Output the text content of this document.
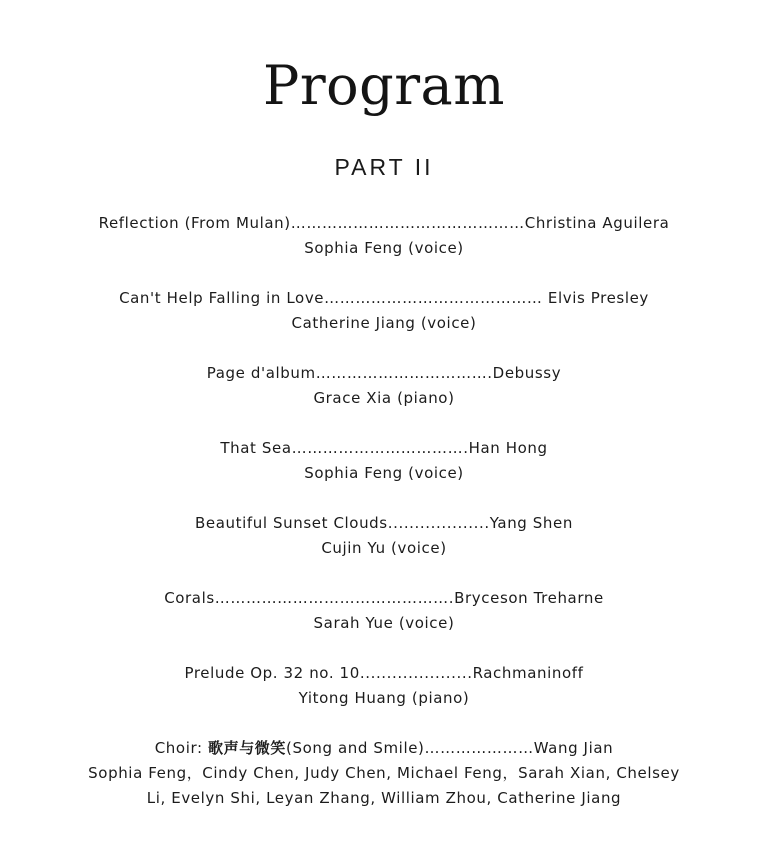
Program
PART II
Reflection (From Mulan)………………………………………Christina Aguilera
Sophia Feng (voice)
Can't Help Falling in Love…………………………………… Elvis Presley
Catherine Jiang (voice)
Page d'album…………………………….Debussy
Grace Xia (piano)
That Sea…………………………….Han Hong
Sophia Feng (voice)
Beautiful Sunset Clouds...................Yang Shen
Cujin Yu (voice)
Corals……………………………………….Bryceson Treharne
Sarah Yue (voice)
Prelude Op. 32 no. 10.....................Rachmaninoff
Yitong Huang (piano)
Choir: 歌声与微笑(Song and Smile)…………………Wang Jian
Sophia Feng，Cindy Chen, Judy Chen, Michael Feng，Sarah Xian, Chelsey
Li, Evelyn Shi, Leyan Zhang, William Zhou, Catherine Jiang
